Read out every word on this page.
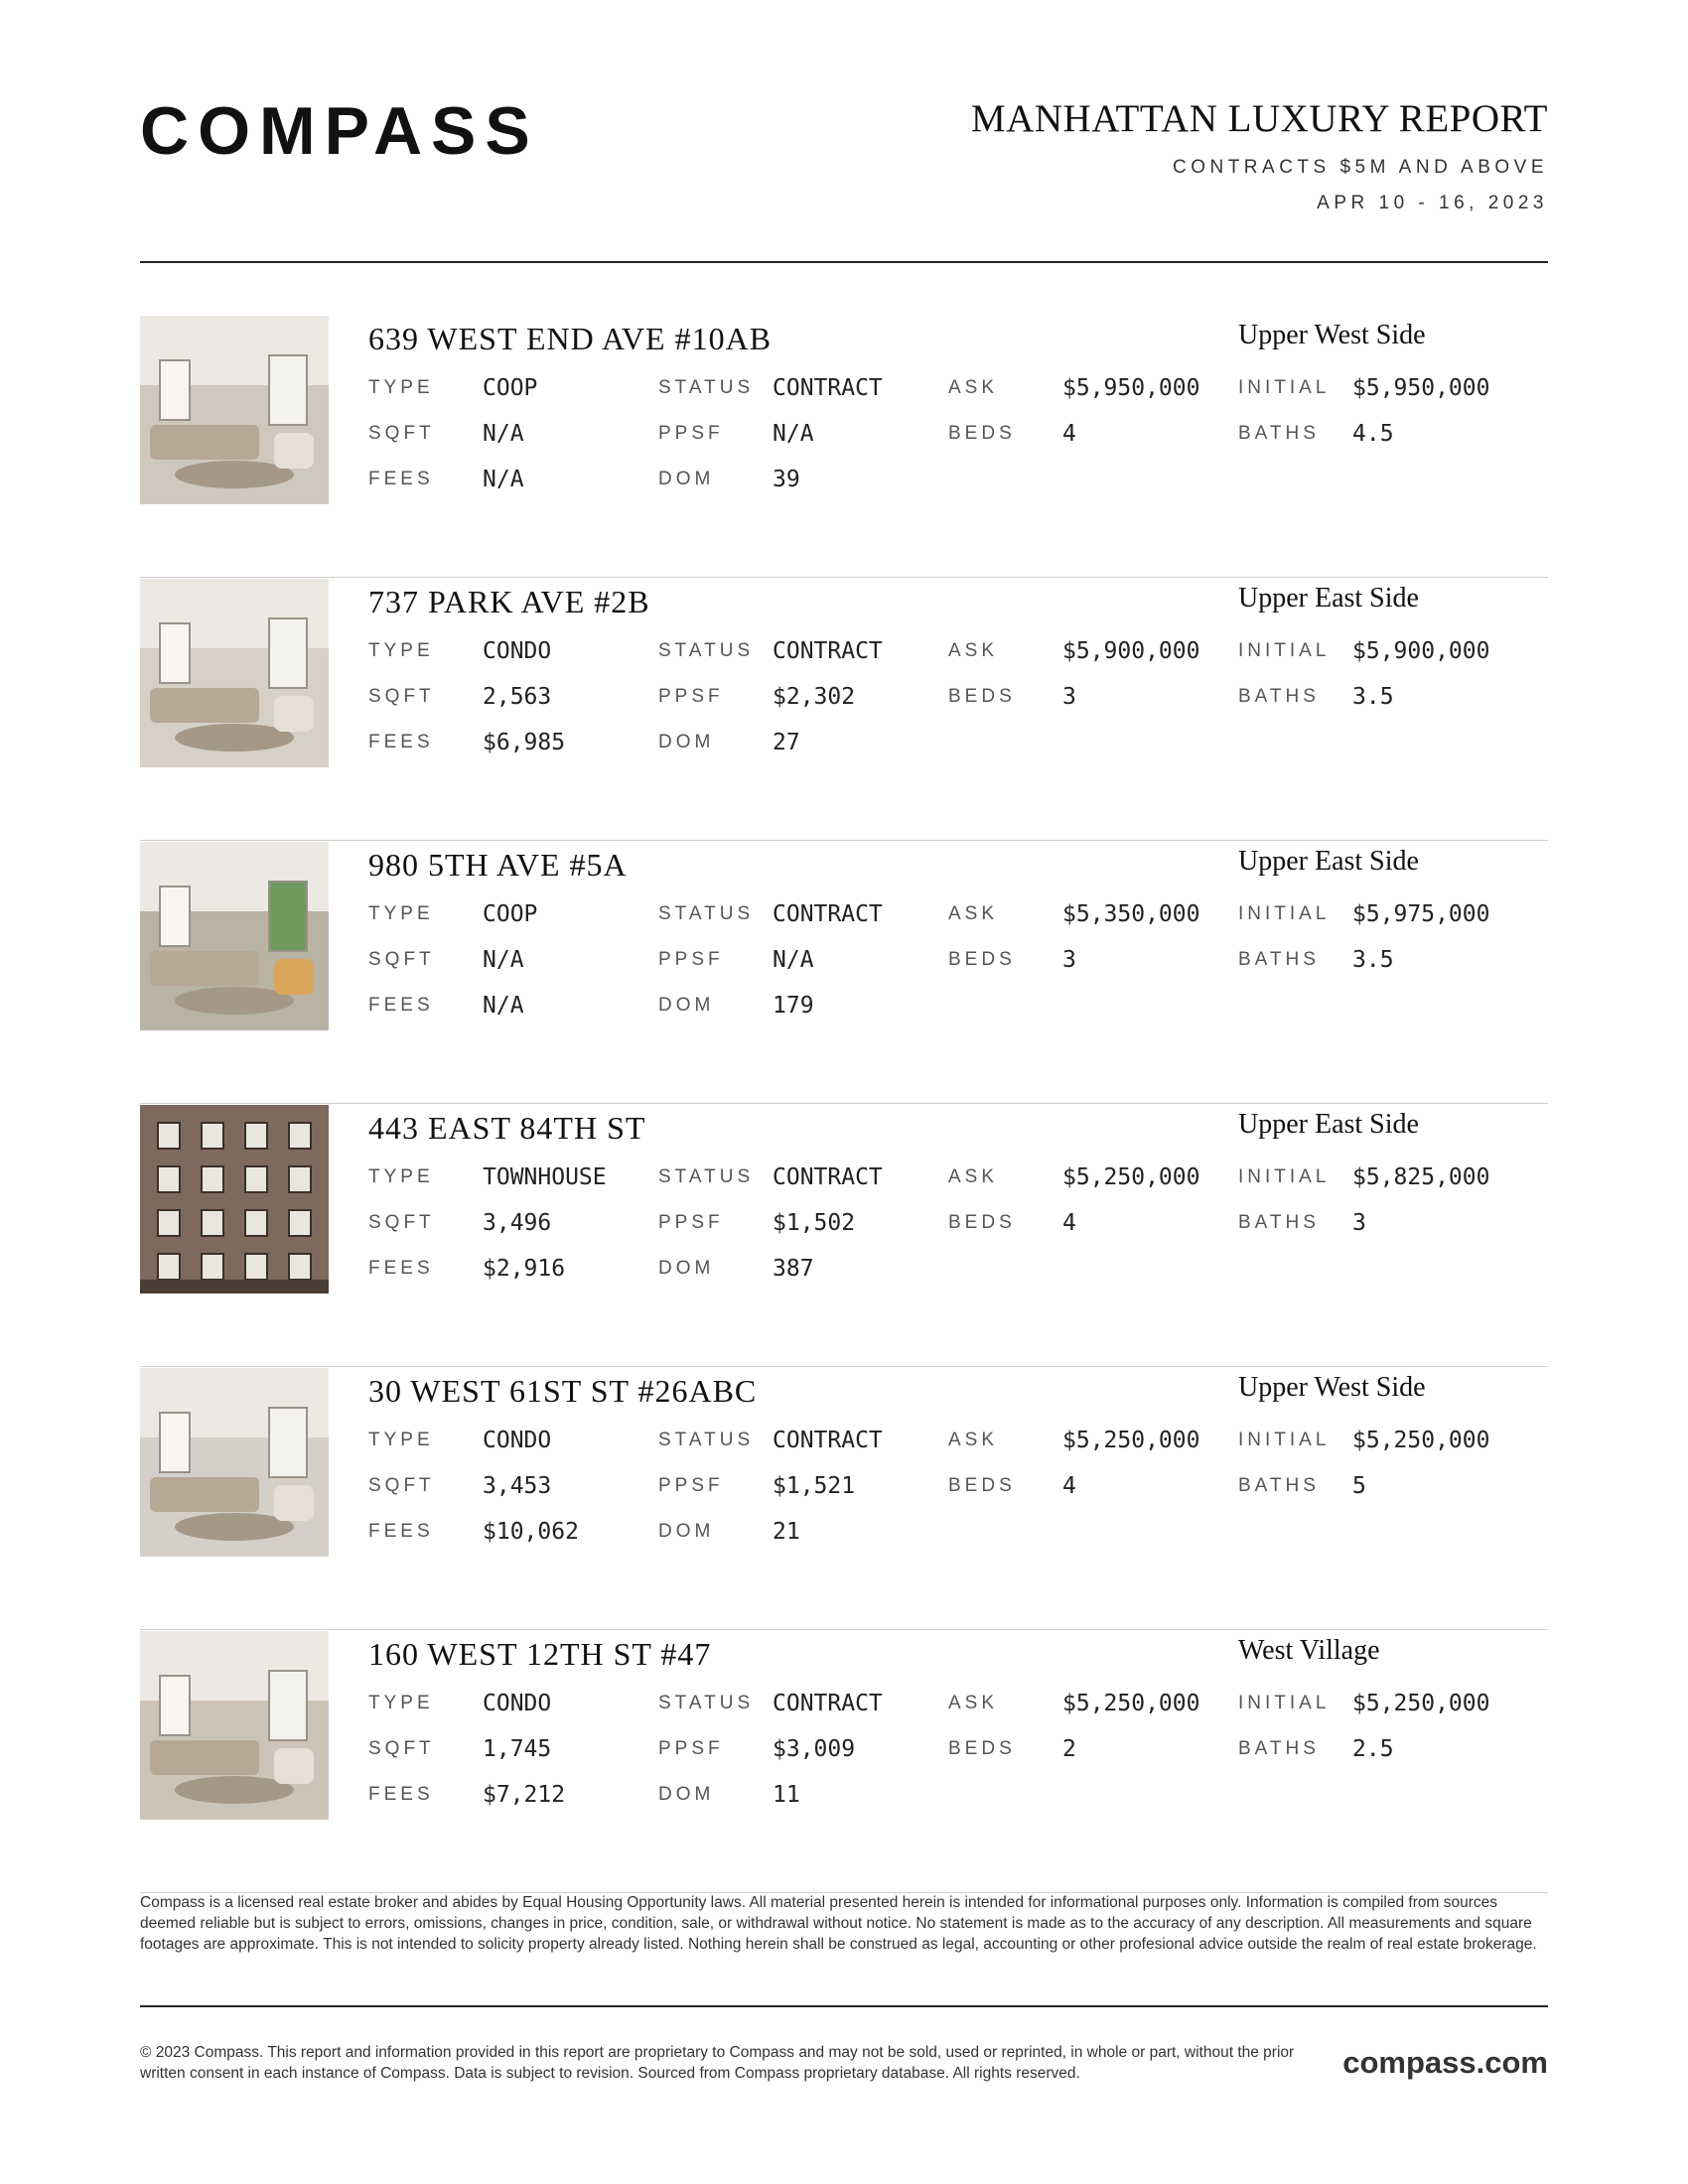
COMPASS	MANHATTAN LUXURY REPORT
CONTRACTS $5M AND ABOVE
APR 10 - 16, 2023
639 WEST END AVE #10AB	Upper West Side
TYPE COOP	STATUS CONTRACT	ASK	$5,950,000 INITIAL $5,950,000
SQFT N/A	PPSF N/A	BEDS 4	BATHS 4.5
FEES N/A	DOM	39
737 PARK AVE #2B	Upper East Side
TYPE CONDO	STATUS CONTRACT	ASK	$5,900,000 INITIAL $5,900,000
SQFT 2,563	PPSF $2,302	BEDS 3	BATHS 3.5
FEES $6,985	DOM	27
980 5TH AVE #5A	Upper East Side
TYPE COOP	STATUS CONTRACT	ASK	$5,350,000 INITIAL $5,975,000
SQFT N/A	PPSF N/A	BEDS 3	BATHS 3.5
FEES N/A	DOM	179
443 EAST 84TH ST	Upper East Side
TYPE TOWNHOUSE	STATUS CONTRACT	ASK	$5,250,000 INITIAL $5,825,000
SQFT 3,496	PPSF $1,502	BEDS 4	BATHS 3
FEES $2,916	DOM	387
30 WEST 61ST ST #26ABC	Upper West Side
TYPE CONDO	STATUS CONTRACT	ASK	$5,250,000 INITIAL $5,250,000
SQFT 3,453	PPSF $1,521	BEDS 4	BATHS 5
FEES $10,062	DOM	21
160 WEST 12TH ST #47	West Village
TYPE CONDO	STATUS CONTRACT	ASK	$5,250,000 INITIAL $5,250,000
SQFT 1,745	PPSF $3,009	BEDS 2	BATHS 2.5
FEES $7,212	DOM	11
Compass is a licensed real estate broker and abides by Equal Housing Opportunity laws. All material presented herein is intended for informational purposes only. Information is compiled from sources deemed reliable but is subject to errors, omissions, changes in price, condition, sale, or withdrawal without notice. No statement is made as to the accuracy of any description. All measurements and square footages are approximate. This is not intended to solicity property already listed. Nothing herein shall be construed as legal, accounting or other profesional advice outside the realm of real estate brokerage.
© 2023 Compass. This report and information provided in this report are proprietary to Compass and may not be sold, used or reprinted, in whole or part, without the prior written consent in each instance of Compass. Data is subject to revision. Sourced from Compass proprietary database. All rights reserved.	compass.com
